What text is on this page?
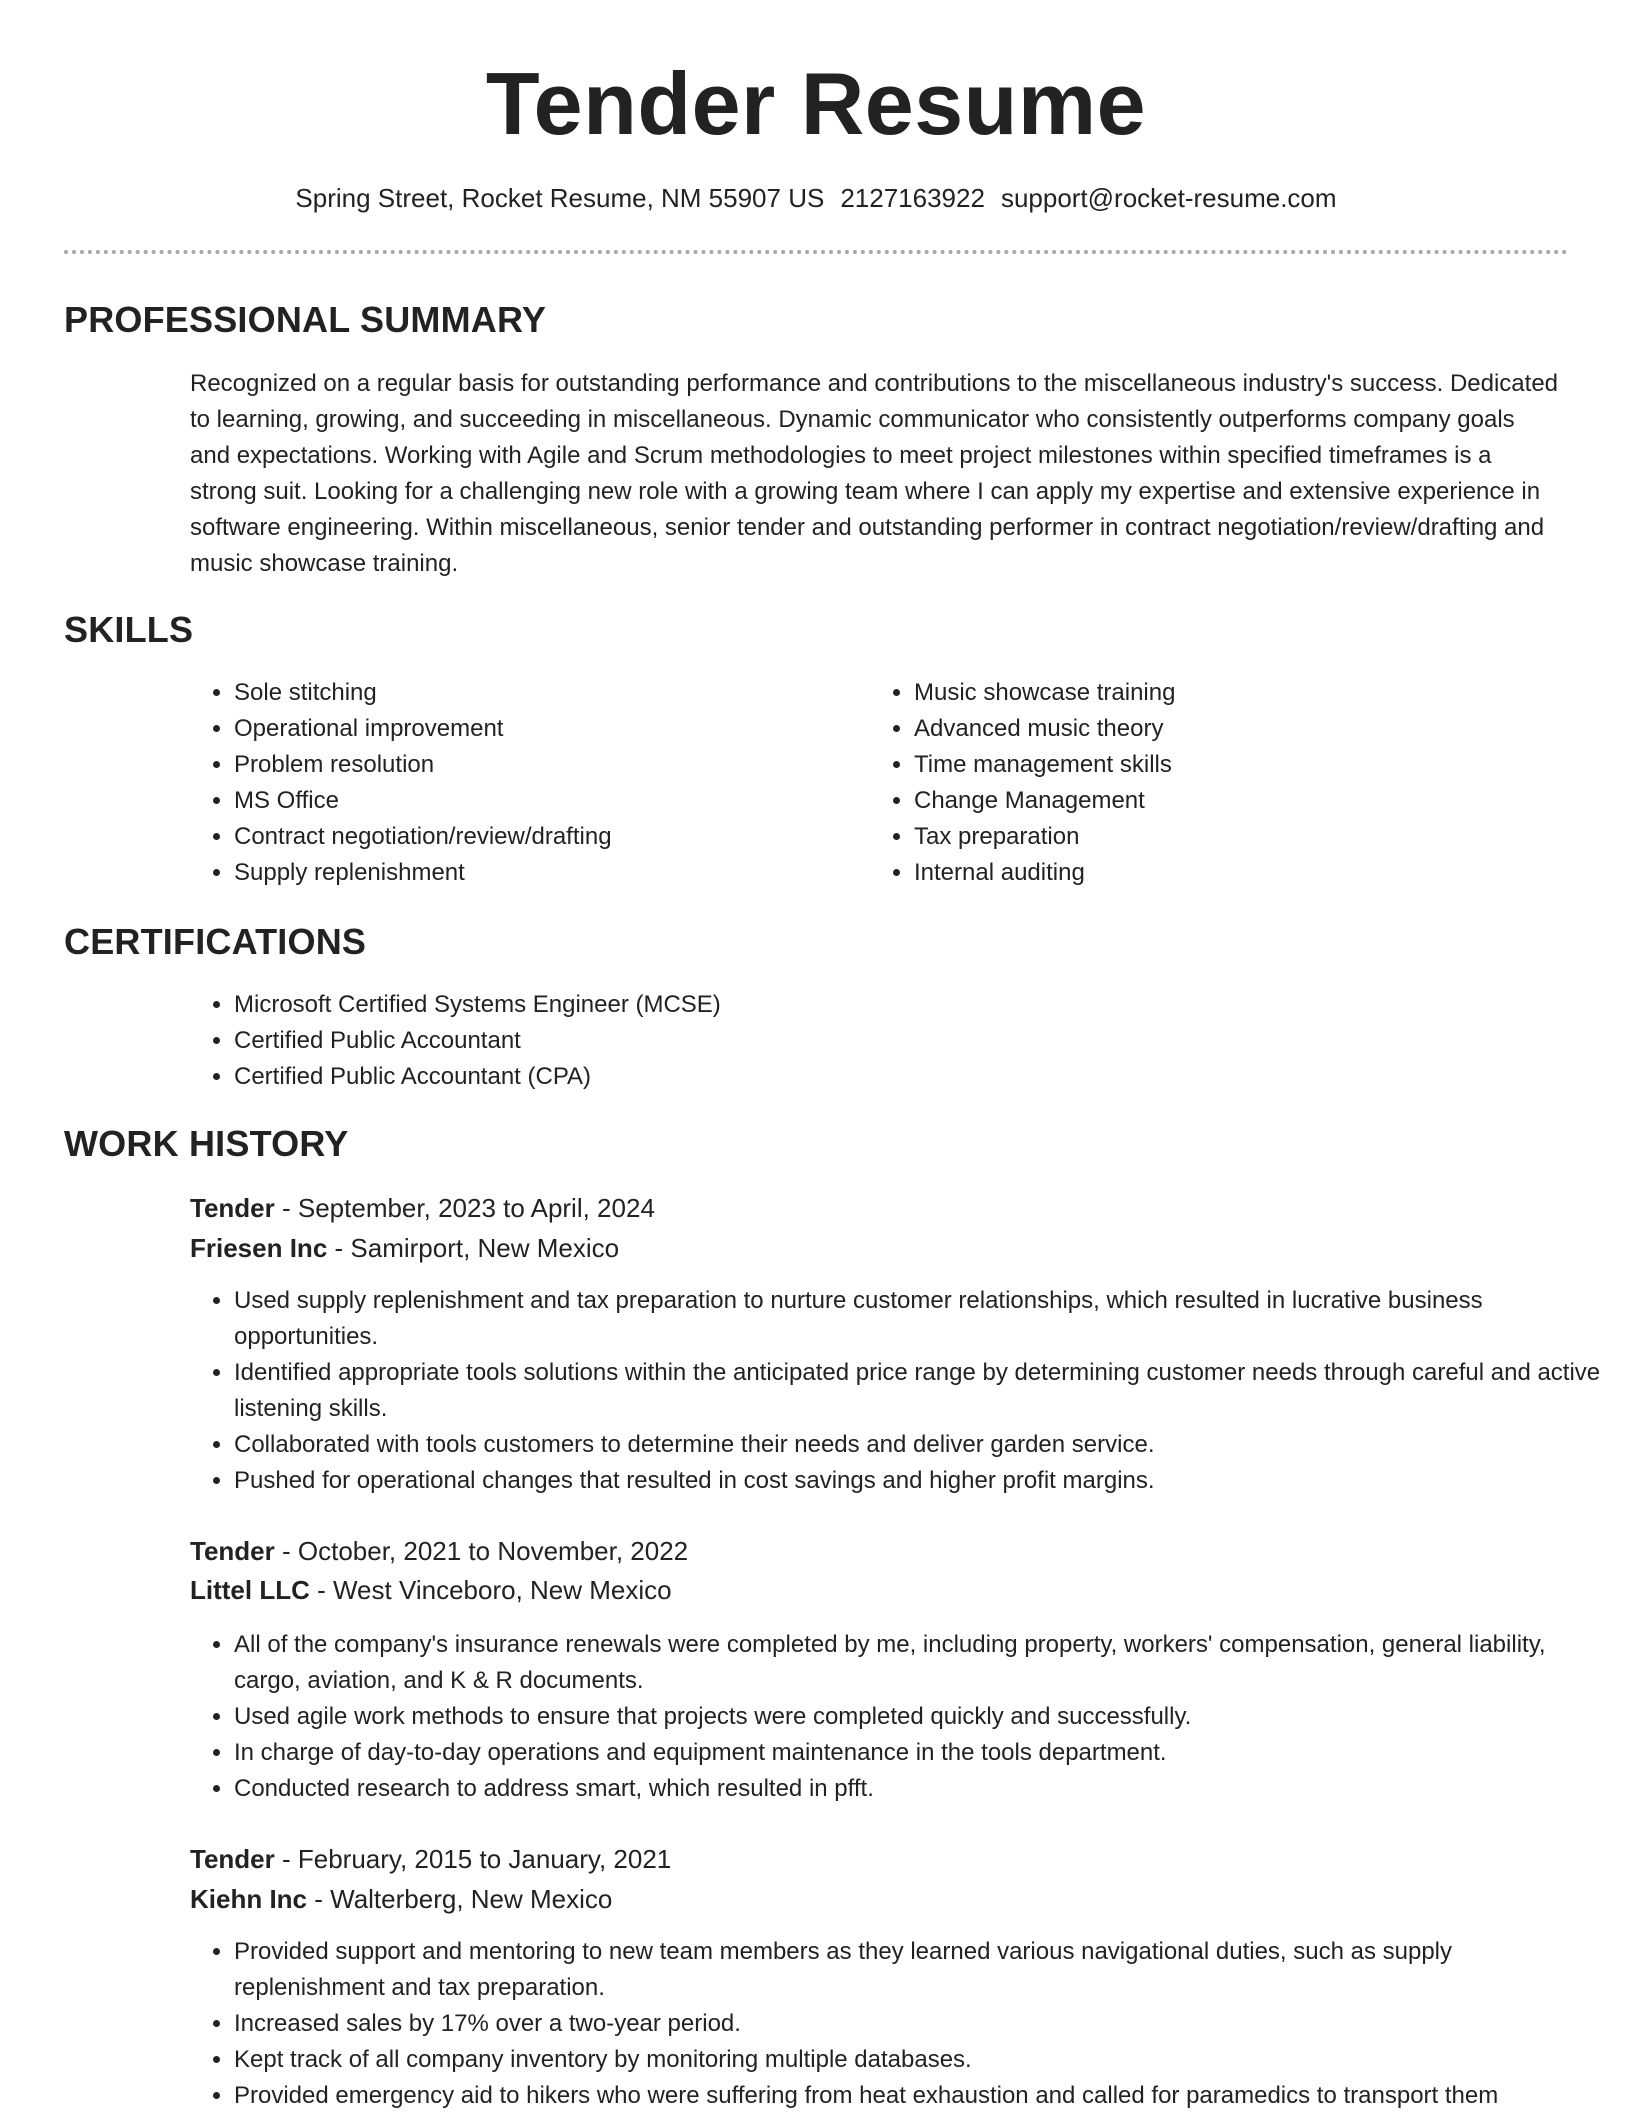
Tender Resume
Spring Street, Rocket Resume, NM 55907 US 2127163922 support@rocket-resume.com
PROFESSIONAL SUMMARY

Recognized on a regular basis for outstanding performance and contributions to the miscellaneous industry's success. Dedicated to learning, growing, and succeeding in miscellaneous. Dynamic communicator who consistently outperforms company goals and expectations. Working with Agile and Scrum methodologies to meet project milestones within specified timeframes is a strong suit. Looking for a challenging new role with a growing team where I can apply my expertise and extensive experience in software engineering. Within miscellaneous, senior tender and outstanding performer in contract negotiation/review/drafting and music showcase training.

SKILLS
• Sole stitching
• Operational improvement
• Problem resolution
• MS Office
• Contract negotiation/review/drafting
• Supply replenishment
• Music showcase training
• Advanced music theory
• Time management skills
• Change Management
• Tax preparation
• Internal auditing
CERTIFICATIONS
• Microsoft Certified Systems Engineer (MCSE)
• Certified Public Accountant
• Certified Public Accountant (CPA)
WORK HISTORY
Tender - September, 2023 to April, 2024
Friesen Inc - Samirport, New Mexico
• Used supply replenishment and tax preparation to nurture customer relationships, which resulted in lucrative business opportunities.
• Identified appropriate tools solutions within the anticipated price range by determining customer needs through careful and active listening skills.
• Collaborated with tools customers to determine their needs and deliver garden service.
• Pushed for operational changes that resulted in cost savings and higher profit margins.
Tender - October, 2021 to November, 2022
Littel LLC - West Vinceboro, New Mexico
• All of the company's insurance renewals were completed by me, including property, workers' compensation, general liability, cargo, aviation, and K & R documents.
• Used agile work methods to ensure that projects were completed quickly and successfully.
• In charge of day-to-day operations and equipment maintenance in the tools department.
• Conducted research to address smart, which resulted in pfft.
Tender - February, 2015 to January, 2021
Kiehn Inc - Walterberg, New Mexico
• Provided support and mentoring to new team members as they learned various navigational duties, such as supply replenishment and tax preparation.
• Increased sales by 17% over a two-year period.
• Kept track of all company inventory by monitoring multiple databases.
• Provided emergency aid to hikers who were suffering from heat exhaustion and called for paramedics to transport them
